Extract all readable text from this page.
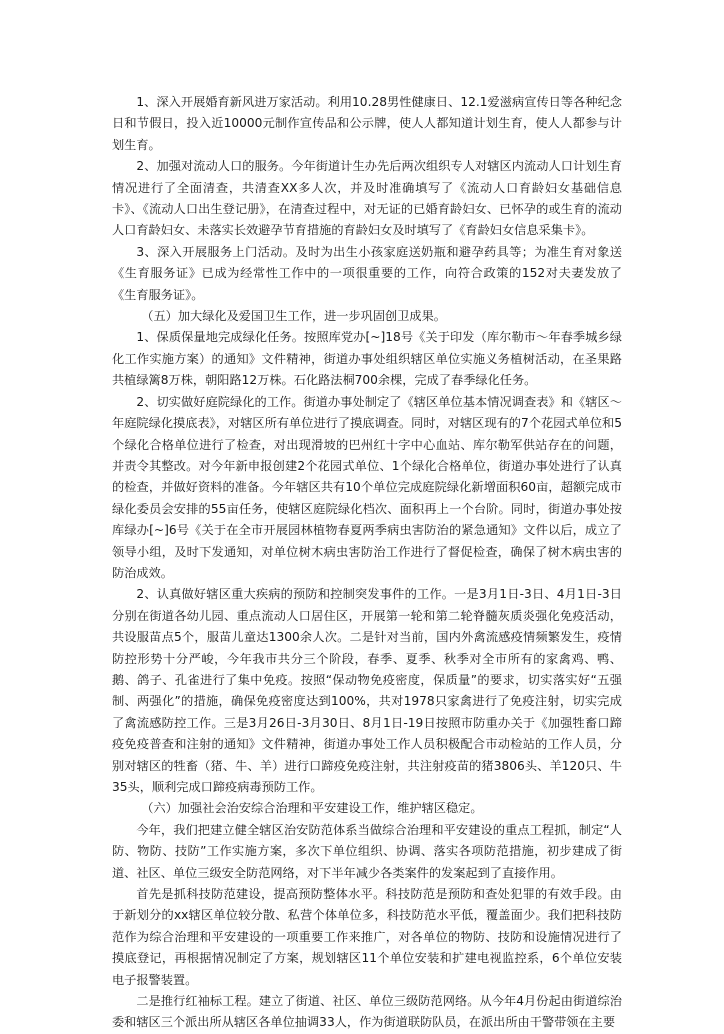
1、深入开展婚育新风进万家活动。利用10.28男性健康日、12.1爱滋病宣传日等各种纪念日和节假日，投入近10000元制作宣传品和公示牌，使人人都知道计划生育，使人人都参与计划生育。

2、加强对流动人口的服务。今年街道计生办先后两次组织专人对辖区内流动人口计划生育情况进行了全面清查，共清查XX多人次，并及时准确填写了《流动人口育龄妇女基础信息卡》、《流动人口出生登记册》，在清查过程中，对无证的已婚育龄妇女、已怀孕的或生育的流动人口育龄妇女、未落实长效避孕节育措施的育龄妇女及时填写了《育龄妇女信息采集卡》。

3、深入开展服务上门活动。及时为出生小孩家庭送奶瓶和避孕药具等；为准生育对象送《生育服务证》已成为经常性工作中的一项很重要的工作，向符合政策的152对夫妻发放了《生育服务证》。

（五）加大绿化及爱国卫生工作，进一步巩固创卫成果。

1、保质保量地完成绿化任务。按照库党办[~]18号《关于印发（库尔勒市～年春季城乡绿化工作实施方案）的通知》文件精神，街道办事处组织辖区单位实施义务植树活动，在圣果路共植绿篱8万株，朝阳路12万株。石化路法桐700余棵，完成了春季绿化任务。

2、切实做好庭院绿化的工作。街道办事处制定了《辖区单位基本情况调查表》和《辖区～年庭院绿化摸底表》，对辖区所有单位进行了摸底调查。同时，对辖区现有的7个花园式单位和5个绿化合格单位进行了检查，对出现滑坡的巴州红十字中心血站、库尔勒军供站存在的问题，并责令其整改。对今年新申报创建2个花园式单位、1个绿化合格单位，街道办事处进行了认真的检查，并做好资料的准备。今年辖区共有10个单位完成庭院绿化新增面积60亩，超额完成市绿化委员会安排的55亩任务，使辖区庭院绿化档次、面积再上一个台阶。同时，街道办事处按库绿办[~]6号《关于在全市开展园林植物春夏两季病虫害防治的紧急通知》文件以后，成立了领导小组，及时下发通知，对单位树木病虫害防治工作进行了督促检查，确保了树木病虫害的防治成效。

2、认真做好辖区重大疾病的预防和控制突发事件的工作。一是3月1日-3日、4月1日-3日分别在街道各幼儿园、重点流动人口居住区，开展第一轮和第二轮脊髓灰质炎强化免疫活动，共设服苗点5个，服苗儿童达1300余人次。二是针对当前，国内外禽流感疫情频繁发生，疫情防控形势十分严峻，今年我市共分三个阶段，春季、夏季、秋季对全市所有的家禽鸡、鸭、鹅、鸽子、孔雀进行了集中免疫。按照“保动物免疫密度，保质量”的要求，切实落实好“五强制、两强化”的措施，确保免疫密度达到100%，共对1978只家禽进行了免疫注射，切实完成了禽流感防控工作。三是3月26日-3月30日、8月1日-19日按照市防重办关于《加强牲畜口蹄疫免疫普查和注射的通知》文件精神，街道办事处工作人员积极配合市动检站的工作人员，分别对辖区的牲畜（猪、牛、羊）进行口蹄疫免疫注射，共注射疫苗的猪3806头、羊120只、牛35头，顺利完成口蹄疫病毒预防工作。

（六）加强社会治安综合治理和平安建设工作，维护辖区稳定。

今年，我们把建立健全辖区治安防范体系当做综合治理和平安建设的重点工程抓，制定“人防、物防、技防”工作实施方案，多次下单位组织、协调、落实各项防范措施，初步建成了街道、社区、单位三级安全防范网络，对下半年减少各类案件的发案起到了直接作用。

首先是抓科技防范建设，提高预防整体水平。科技防范是预防和查处犯罪的有效手段。由于新划分的xx辖区单位较分散、私营个体单位多，科技防范水平低，覆盖面少。我们把科技防范作为综合治理和平安建设的一项重要工作来推广，对各单位的物防、技防和设施情况进行了摸底登记，再根据情况制定了方案，规划辖区11个单位安装和扩建电视监控系，6个单位安装电子报警装置。

二是推行红袖标工程。建立了街道、社区、单位三级防范网络。从今年4月份起由街道综治委和辖区三个派出所从辖区各单位抽调33人，作为街道联防队员，在派出所由干警带领在主要
